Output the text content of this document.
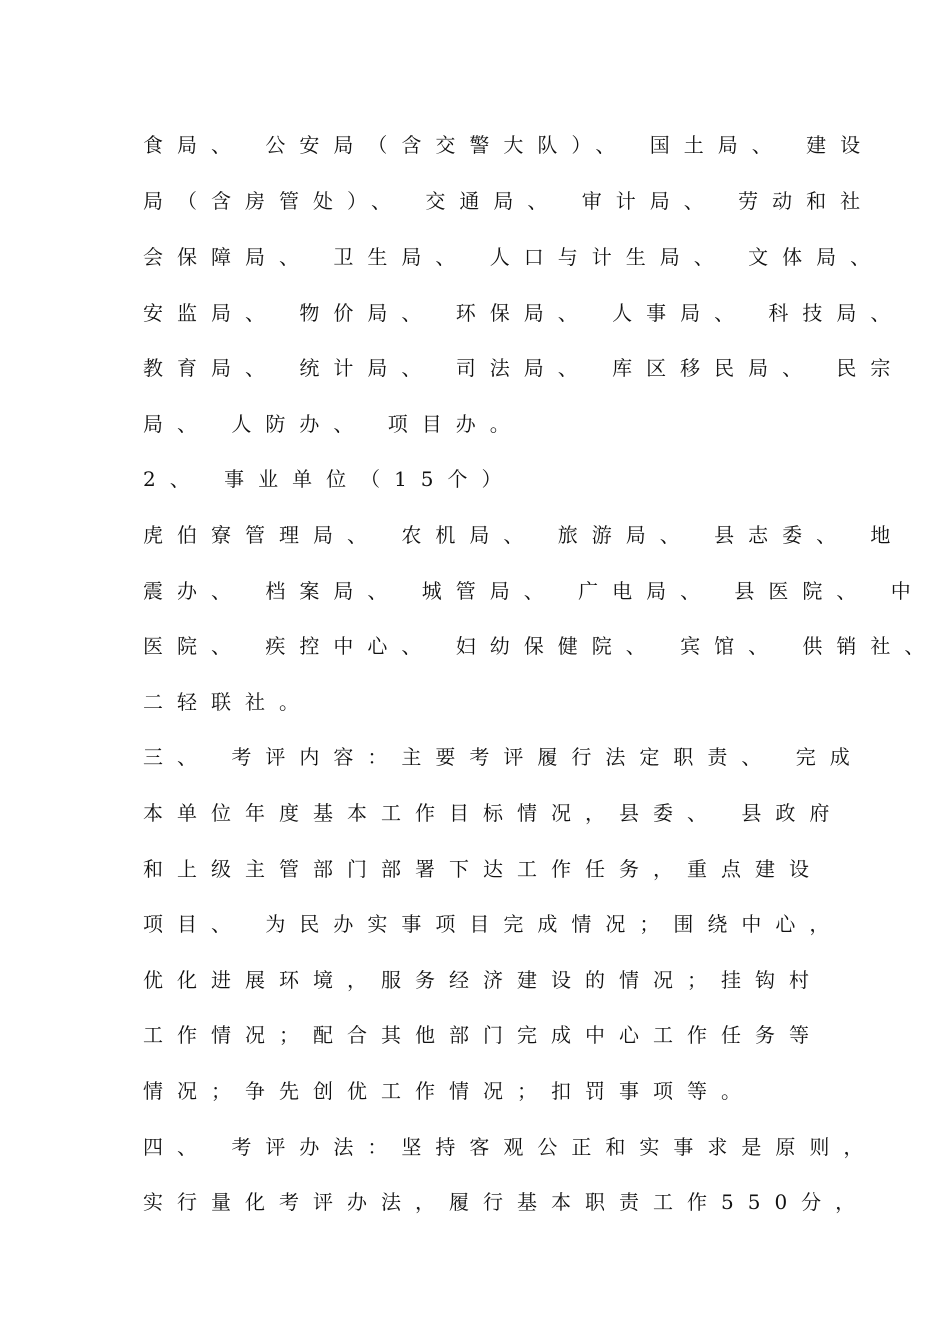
食局、 公安局（含交警大队）、 国土局、 建设
局（含房管处）、 交通局、 审计局、 劳动和社
会保障局、 卫生局、 人口与计生局、 文体局、
安监局、 物价局、 环保局、 人事局、 科技局、
教育局、 统计局、 司法局、 库区移民局、 民宗
局、 人防办、 项目办。
2、 事业单位（15个）
虎伯寮管理局、 农机局、 旅游局、 县志委、 地
震办、 档案局、 城管局、 广电局、 县医院、 中
医院、 疾控中心、 妇幼保健院、 宾馆、 供销社、
二轻联社。
三、 考评内容：主要考评履行法定职责、 完成
本单位年度基本工作目标情况，县委、 县政府
和上级主管部门部署下达工作任务，重点建设
项目、 为民办实事项目完成情况；围绕中心，
优化进展环境，服务经济建设的情况；挂钩村
工作情况；配合其他部门完成中心工作任务等
情况；争先创优工作情况；扣罚事项等。
四、 考评办法：坚持客观公正和实事求是原则，
实行量化考评办法，履行基本职责工作550分，
